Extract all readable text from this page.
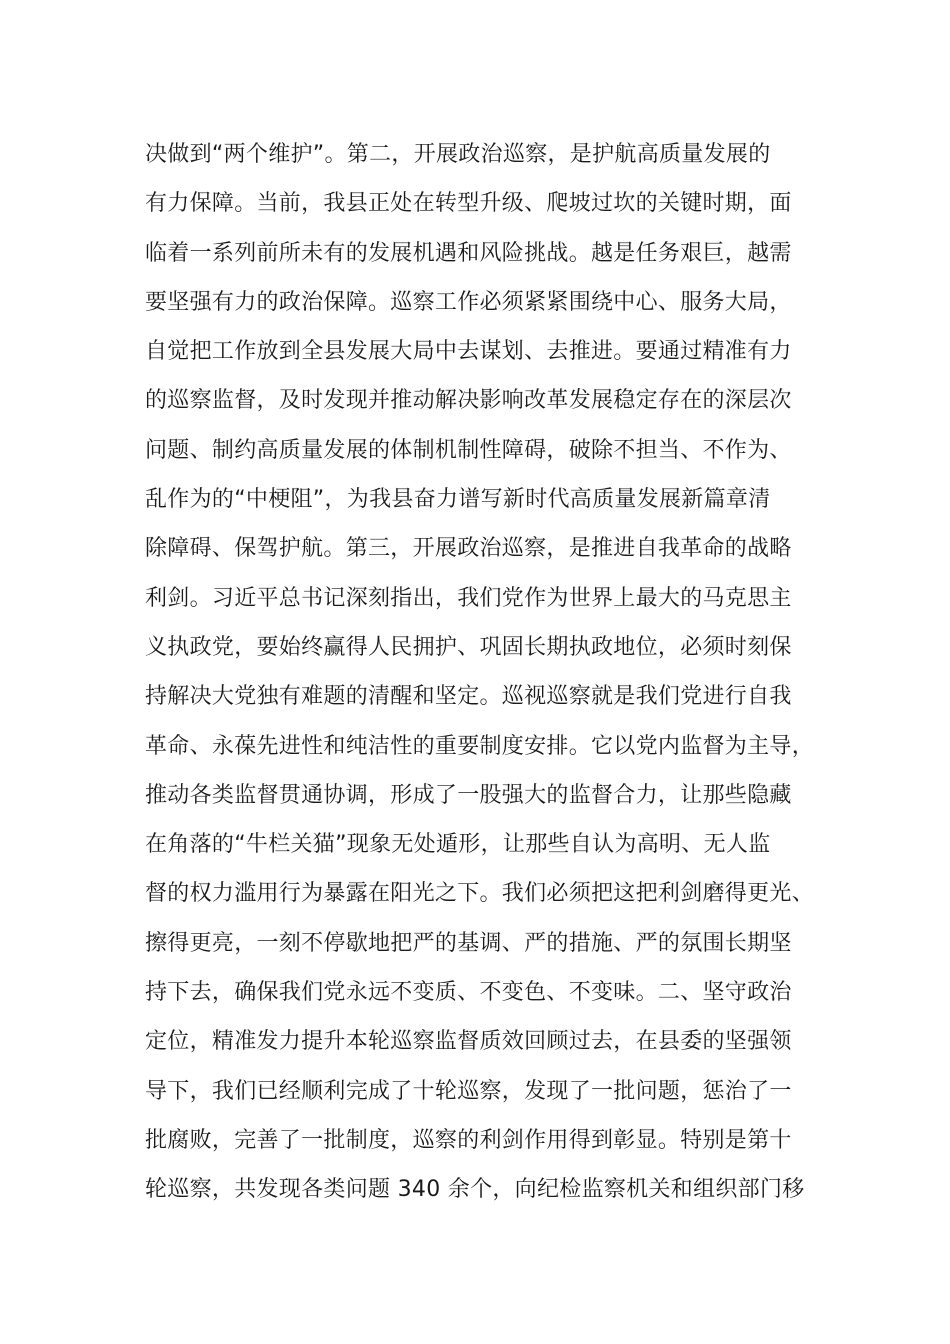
决做到“两个维护”。第二，开展政治巡察，是护航高质量发展的
有力保障。当前，我县正处在转型升级、爬坡过坎的关键时期，面
临着一系列前所未有的发展机遇和风险挑战。越是任务艰巨，越需
要坚强有力的政治保障。巡察工作必须紧紧围绕中心、服务大局，
自觉把工作放到全县发展大局中去谋划、去推进。要通过精准有力
的巡察监督，及时发现并推动解决影响改革发展稳定存在的深层次
问题、制约高质量发展的体制机制性障碍，破除不担当、不作为、
乱作为的“中梗阻”，为我县奋力谱写新时代高质量发展新篇章清
除障碍、保驾护航。第三，开展政治巡察，是推进自我革命的战略
利剑。习近平总书记深刻指出，我们党作为世界上最大的马克思主
义执政党，要始终赢得人民拥护、巩固长期执政地位，必须时刻保
持解决大党独有难题的清醒和坚定。巡视巡察就是我们党进行自我
革命、永葆先进性和纯洁性的重要制度安排。它以党内监督为主导，
推动各类监督贯通协调，形成了一股强大的监督合力，让那些隐藏
在角落的“牛栏关猫”现象无处遁形，让那些自认为高明、无人监
督的权力滥用行为暴露在阳光之下。我们必须把这把利剑磨得更光、
擦得更亮，一刻不停歇地把严的基调、严的措施、严的氛围长期坚
持下去，确保我们党永远不变质、不变色、不变味。二、坚守政治
定位，精准发力提升本轮巡察监督质效回顾过去，在县委的坚强领
导下，我们已经顺利完成了十轮巡察，发现了一批问题，惩治了一
批腐败，完善了一批制度，巡察的利剑作用得到彰显。特别是第十
轮巡察，共发现各类问题 340 余个，向纪检监察机关和组织部门移
